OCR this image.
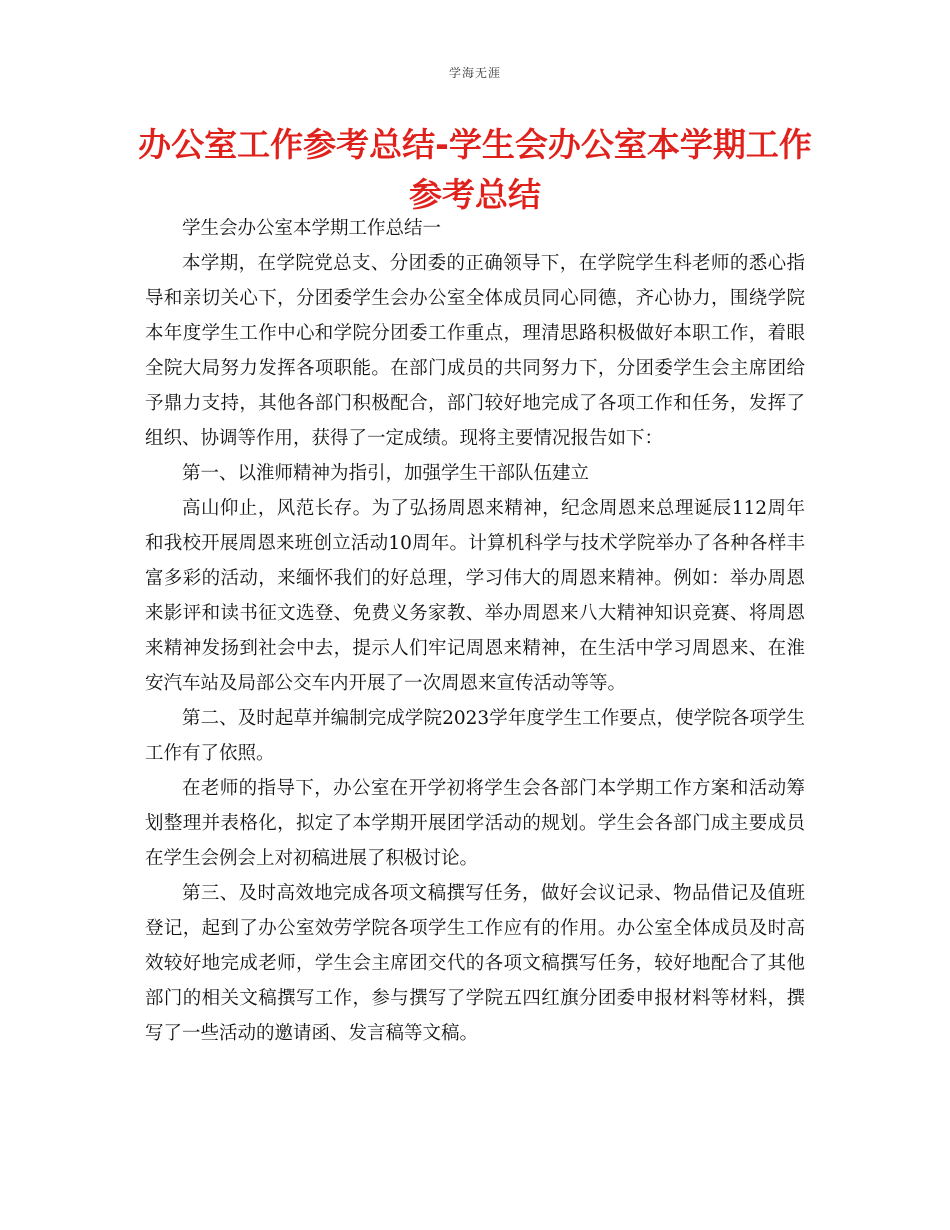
学海无涯
办公室工作参考总结-学生会办公室本学期工作参考总结

学生会办公室本学期工作总结一

本学期，在学院党总支、分团委的正确领导下，在学院学生科老师的悉心指导和亲切关心下，分团委学生会办公室全体成员同心同德，齐心协力，围绕学院本年度学生工作中心和学院分团委工作重点，理清思路积极做好本职工作，着眼全院大局努力发挥各项职能。在部门成员的共同努力下，分团委学生会主席团给予鼎力支持，其他各部门积极配合，部门较好地完成了各项工作和任务，发挥了组织、协调等作用，获得了一定成绩。现将主要情况报告如下：

第一、以淮师精神为指引，加强学生干部队伍建立

高山仰止，风范长存。为了弘扬周恩来精神，纪念周恩来总理诞辰112周年和我校开展周恩来班创立活动10周年。计算机科学与技术学院举办了各种各样丰富多彩的活动，来缅怀我们的好总理，学习伟大的周恩来精神。例如：举办周恩来影评和读书征文选登、免费义务家教、举办周恩来八大精神知识竞赛、将周恩来精神发扬到社会中去，提示人们牢记周恩来精神，在生活中学习周恩来、在淮安汽车站及局部公交车内开展了一次周恩来宣传活动等等。

第二、及时起草并编制完成学院2023学年度学生工作要点，使学院各项学生工作有了依照。

在老师的指导下，办公室在开学初将学生会各部门本学期工作方案和活动筹划整理并表格化，拟定了本学期开展团学活动的规划。学生会各部门成主要成员在学生会例会上对初稿进展了积极讨论。

第三、及时高效地完成各项文稿撰写任务，做好会议记录、物品借记及值班登记，起到了办公室效劳学院各项学生工作应有的作用。办公室全体成员及时高效较好地完成老师，学生会主席团交代的各项文稿撰写任务，较好地配合了其他部门的相关文稿撰写工作，参与撰写了学院五四红旗分团委申报材料等材料，撰写了一些活动的邀请函、发言稿等文稿。
